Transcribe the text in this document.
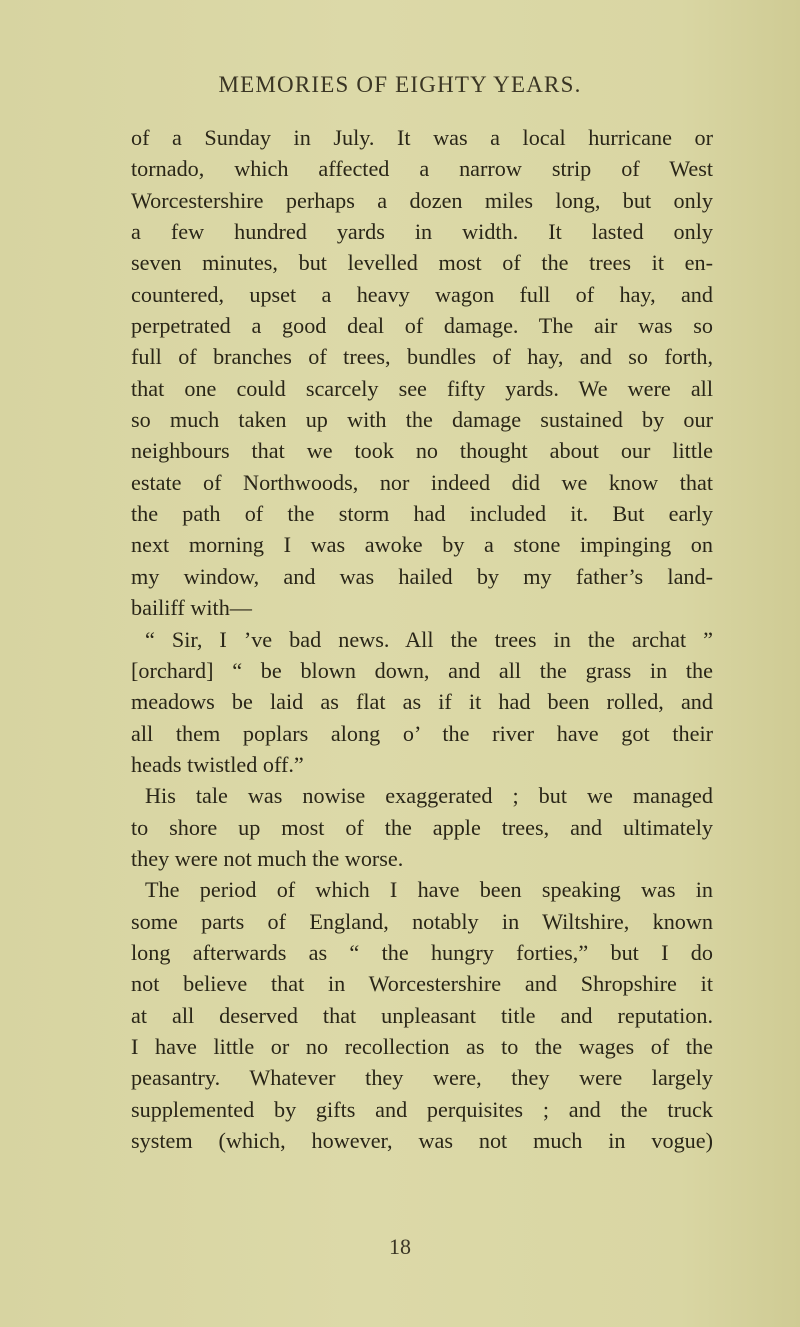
MEMORIES OF EIGHTY YEARS.
of a Sunday in July. It was a local hurricane or
tornado, which affected a narrow strip of West
Worcestershire perhaps a dozen miles long, but only
a few hundred yards in width. It lasted only
seven minutes, but levelled most of the trees it en-
countered, upset a heavy wagon full of hay, and
perpetrated a good deal of damage. The air was so
full of branches of trees, bundles of hay, and so forth,
that one could scarcely see fifty yards. We were all
so much taken up with the damage sustained by our
neighbours that we took no thought about our little
estate of Northwoods, nor indeed did we know that
the path of the storm had included it. But early
next morning I was awoke by a stone impinging on
my window, and was hailed by my father’s land-
bailiff with—
“ Sir, I ’ve bad news. All the trees in the archat ”
[orchard] “ be blown down, and all the grass in the
meadows be laid as flat as if it had been rolled, and
all them poplars along o’ the river have got their
heads twistled off.”
His tale was nowise exaggerated ; but we managed
to shore up most of the apple trees, and ultimately
they were not much the worse.
The period of which I have been speaking was in
some parts of England, notably in Wiltshire, known
long afterwards as “ the hungry forties,” but I do
not believe that in Worcestershire and Shropshire it
at all deserved that unpleasant title and reputation.
I have little or no recollection as to the wages of the
peasantry. Whatever they were, they were largely
supplemented by gifts and perquisites ; and the truck
system (which, however, was not much in vogue)
18
